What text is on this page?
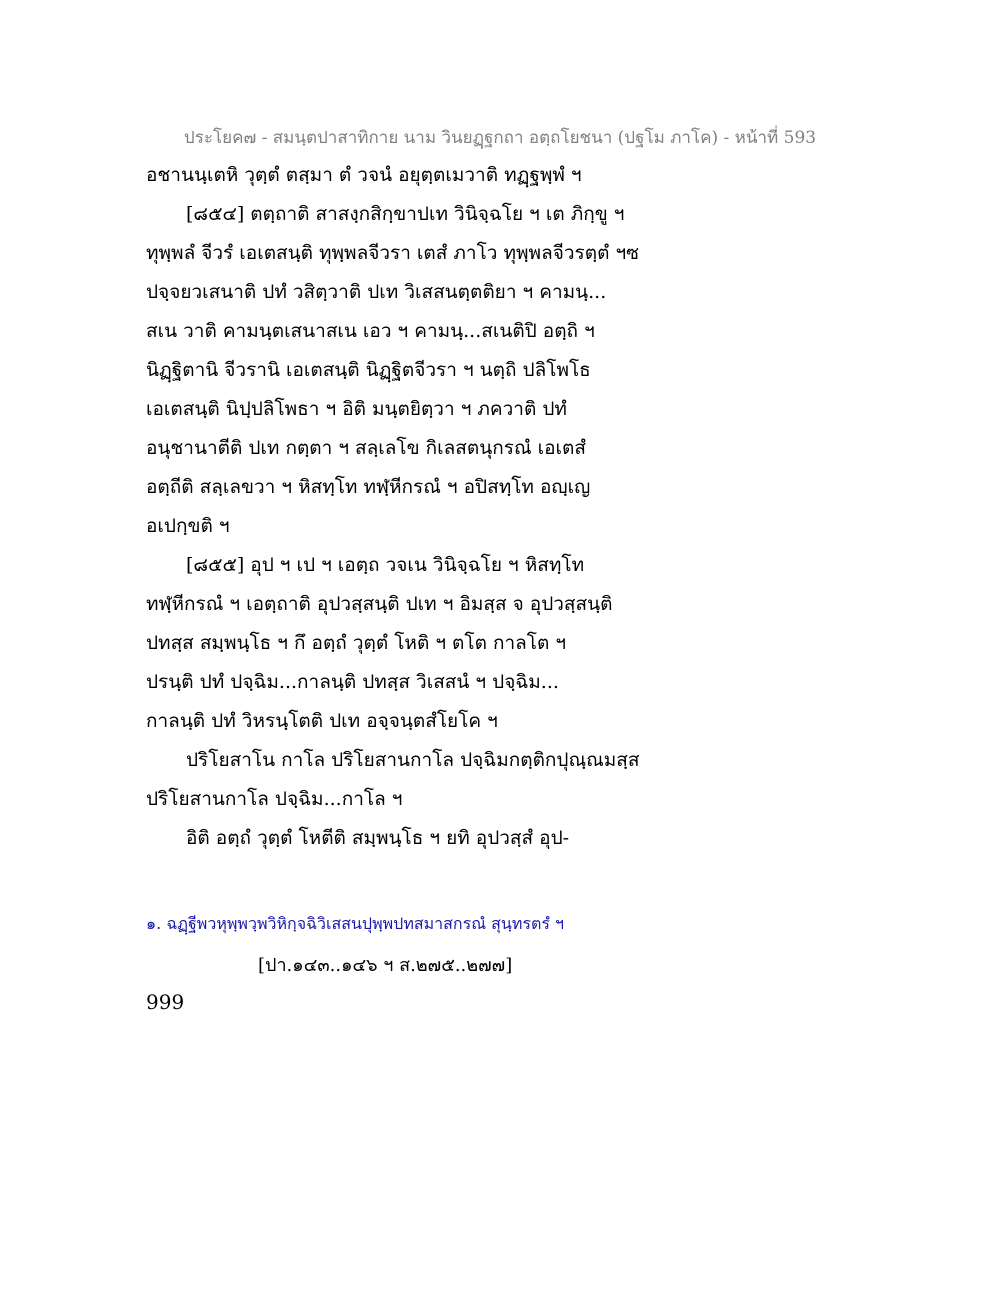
ประโยค๗ - สมนฺตปาสาทิกาย นาม วินยฏฺฐกถา อตฺถโยชนา (ปฐโม ภาโค) - หน้าที่ 593
อชานนฺเตหิ วุตฺตํ ตสฺมา ตํ วจนํ อยุตฺตเมวาติ ทฏฺฐพฺพํ ฯ
[๘๕๔] ตตฺถาติ สาสงฺกสิกฺขาปเท วินิจฺฉโย ฯ เต ภิกฺขู ฯ
ทุพฺพลํ จีวรํ เอเตสนฺติ ทุพฺพลจีวรา เตสํ ภาโว ทุพฺพลจีวรตฺตํ ฯซ
ปจฺจยวเสนาติ ปทํ วสิตฺวาติ ปเท วิเสสนตฺตติยา ฯ คามนฺ...
สเน วาติ คามนฺตเสนาสเน เอว ฯ คามนฺ...สเนติปิ อตฺถิ ฯ
นิฏฺฐิตานิ จีวรานิ เอเตสนฺติ นิฏฺฐิตจีวรา ฯ นตฺถิ ปลิโพโธ
เอเตสนฺติ นิปฺปลิโพธา ฯ อิติ มนฺตยิตฺวา ฯ ภควาติ ปทํ
อนุชานาตีติ ปเท กตฺตา ฯ สลฺเลโข กิเลสตนุกรณํ เอเตสํ
อตฺถีติ สลฺเลขวา ฯ หิสทฺโท ทฬฺหีกรณํ ฯ อปิสทฺโท อญฺเญ
อเปกฺขติ ฯ
[๘๕๕] อุป ฯ เป ฯ เอตฺถ วจเน วินิจฺฉโย ฯ หิสทฺโท
ทฬฺหีกรณํ ฯ เอตฺถาติ อุปวสฺสนฺติ ปเท ฯ อิมสฺส จ อุปวสฺสนฺติ
ปทสฺส สมฺพนฺโธ ฯ กึ อตฺถํ วุตฺตํ โหติ ฯ ตโต กาลโต ฯ
ปรนฺติ ปทํ ปจฺฉิม...กาลนฺติ ปทสฺส วิเสสนํ ฯ ปจฺฉิม...
กาลนฺติ ปทํ วิหรนฺโตติ ปเท อจฺจนฺตสํโยโค ฯ
ปริโยสาโน กาโล ปริโยสานกาโล ปจฺฉิมกตฺติกปุณฺณมสฺส
ปริโยสานกาโล ปจฺฉิม...กาโล ฯ
อิติ อตฺถํ วุตฺตํ โหตีติ สมฺพนฺโธ ฯ ยทิ อุปวสฺสํ อุป-
๑. ฉฏฺฐีพวหุพฺพวฺพวิหิกฺจฉิวิเสสนปุพฺพปทสมาสกรณํ สุนฺทรตรํ ฯ
[ปา.๑๔๓..๑๔๖ ฯ ส.๒๗๕..๒๗๗]
999
